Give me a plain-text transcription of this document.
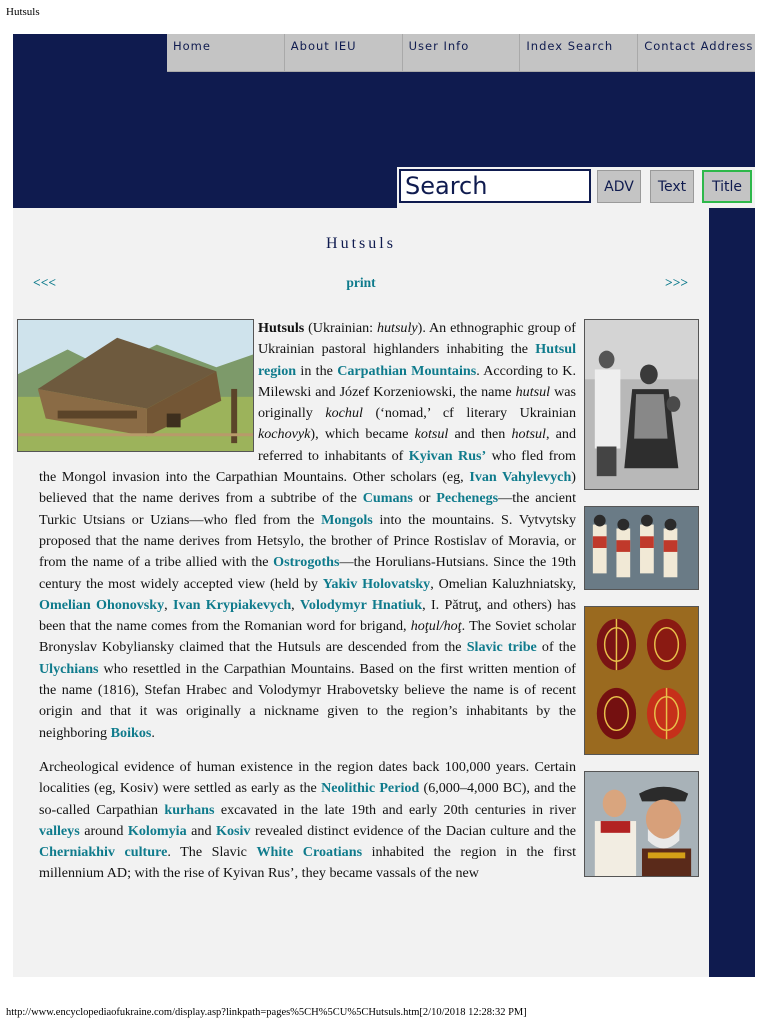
Hutsuls
Home	About IEU	User Info	Index Search	Contact Address
Search
ADV	Text	Title
Hutsuls
<<<	print	>>>

Hutsuls (Ukrainian: hutsuly). An ethnographic group of Ukrainian pastoral highlanders inhabiting the Hutsul region in the Carpathian Mountains. According to K. Milewski and Józef Korzeniowski, the name hutsul was originally kochul (‘nomad,’ cf literary Ukrainian kochovyk), which became kotsul and then hotsul, and referred to inhabitants of Kyivan Rus’ who fled from the Mongol invasion into the Carpathian Mountains. Other scholars (eg, Ivan Vahylevych) believed that the name derives from a subtribe of the Cumans or Pechenegs—the ancient Turkic Utsians or Uzians—who fled from the Mongols into the mountains. S. Vytvytsky proposed that the name derives from Hetsylo, the brother of Prince Rostislav of Moravia, or from the name of a tribe allied with the Ostrogoths—the Horulians-Hutsians. Since the 19th century the most widely accepted view (held by Yakiv Holovatsky, Omelian Kaluzhniatsky, Omelian Ohonovsky, Ivan Krypiakevych, Volodymyr Hnatiuk, I. Pătruţ, and others) has been that the name comes from the Romanian word for brigand, hoţul/hoţ. The Soviet scholar Bronyslav Kobyliansky claimed that the Hutsuls are descended from the Slavic tribe of the Ulychians who resettled in the Carpathian Mountains. Based on the first written mention of the name (1816), Stefan Hrabec and Volodymyr Hrabovetsky believe the name is of recent origin and that it was originally a nickname given to the region’s inhabitants by the neighboring Boikos.

Archeological evidence of human existence in the region dates back 100,000 years. Certain localities (eg, Kosiv) were settled as early as the Neolithic Period (6,000–4,000 BC), and the so-called Carpathian kurhans excavated in the late 19th and early 20th centuries in river valleys around Kolomyia and Kosiv revealed distinct evidence of the Dacian culture and the Cherniakhiv culture. The Slavic White Croatians inhabited the region in the first millennium AD; with the rise of Kyivan Rus’, they became vassals of the new

http://www.encyclopediaofukraine.com/display.asp?linkpath=pages%5CH%5CU%5CHutsuls.htm[2/10/2018 12:28:32 PM]
